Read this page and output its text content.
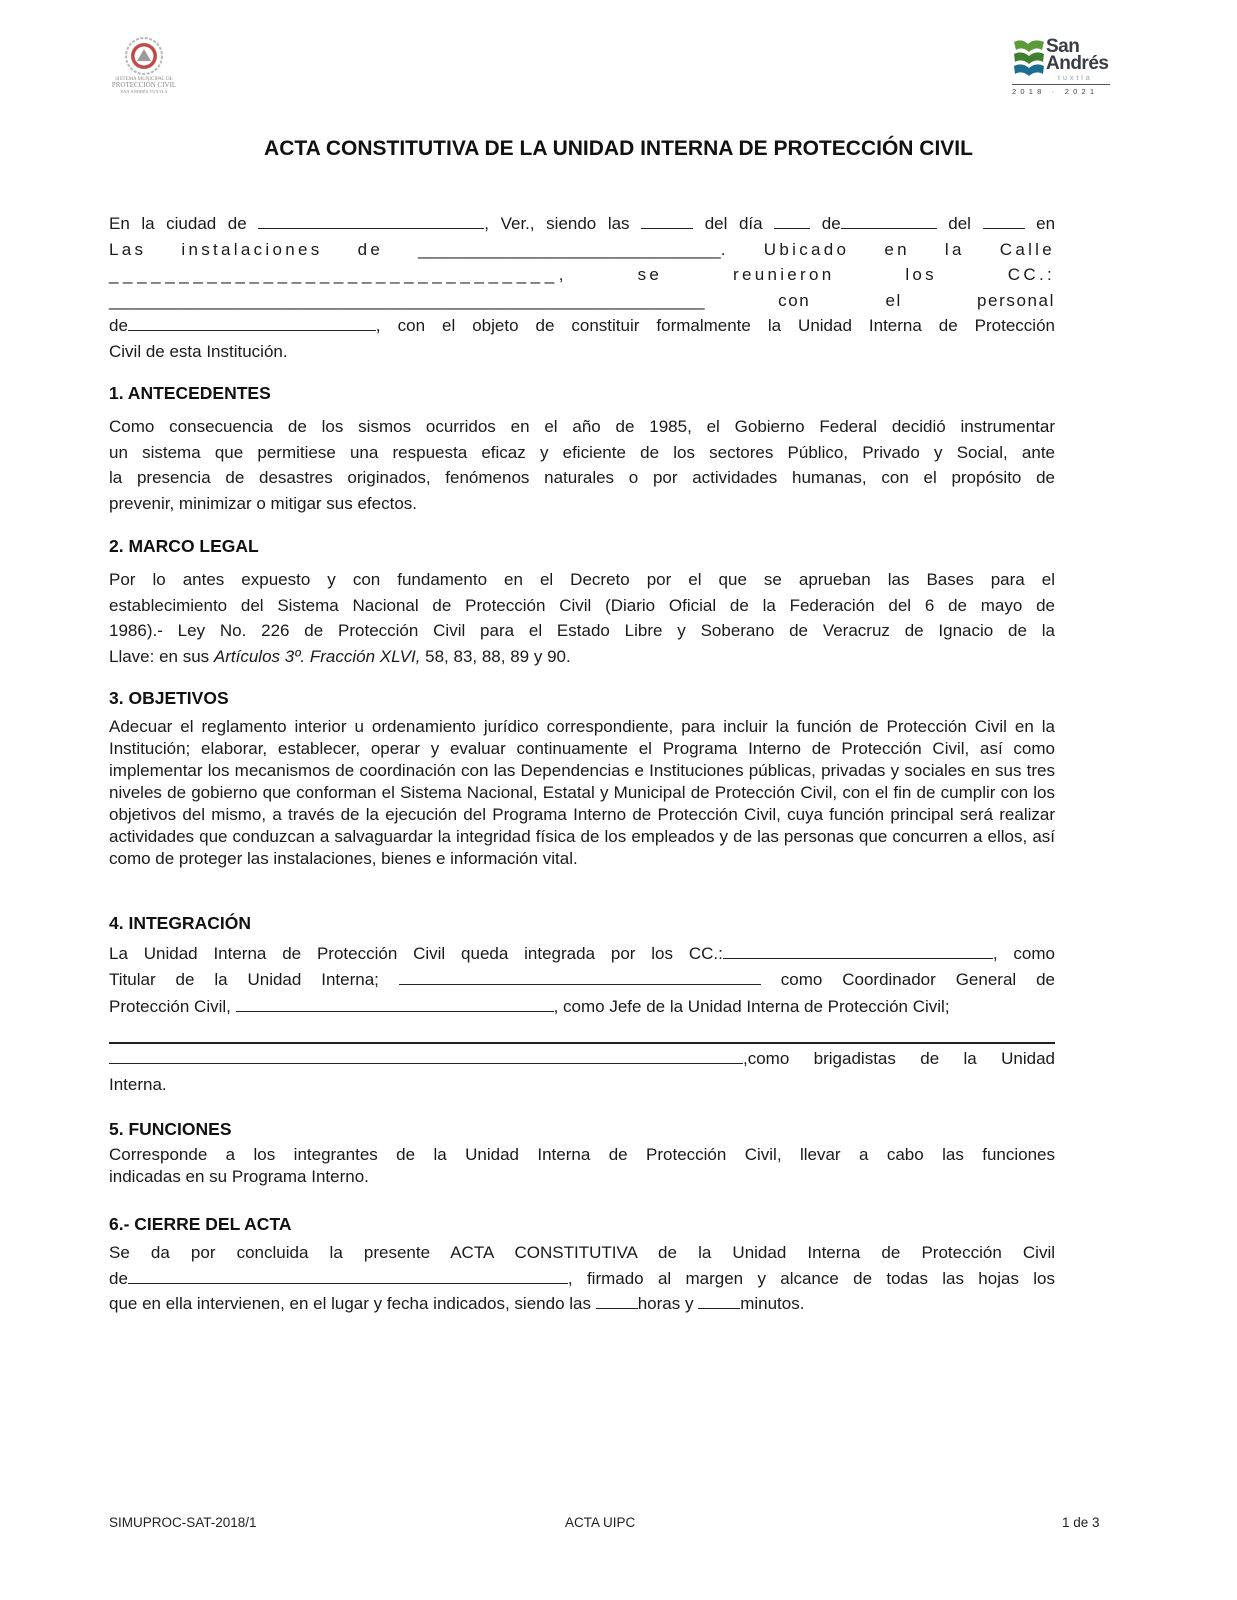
SISTEMA MUNICIPAL DE
PROTECCIÓN CIVIL
SAN ANDRÉS TUXTLA
San
Andrés
tuxtla
2018 · 2021
ACTA CONSTITUTIVA DE LA UNIDAD INTERNA DE PROTECCIÓN CIVIL
En la ciudad de	, Ver., siendo las	del día	de	del	en
Las instalaciones de ________________________________. Ubicado en la Calle
________________________________, se reunieron los CC.:
_______________________________________________________________	con el personal
de	, con el objeto de constituir formalmente la Unidad Interna de Protección
Civil de esta Institución.
1. ANTECEDENTES
Como consecuencia de los sismos ocurridos en el año de 1985, el Gobierno Federal decidió instrumentar
un sistema que permitiese una respuesta eficaz y eficiente de los sectores Público, Privado y Social, ante
la presencia de desastres originados, fenómenos naturales o por actividades humanas, con el propósito de
prevenir, minimizar o mitigar sus efectos.
2. MARCO LEGAL
Por lo antes expuesto y con fundamento en el Decreto por el que se aprueban las Bases para el
establecimiento del Sistema Nacional de Protección Civil (Diario Oficial de la Federación del 6 de mayo de
1986).- Ley No. 226 de Protección Civil para el Estado Libre y Soberano de Veracruz de Ignacio de la
Llave: en sus Artículos 3º. Fracción XLVI, 58, 83, 88, 89 y 90.
3. OBJETIVOS
Adecuar el reglamento interior u ordenamiento jurídico correspondiente, para incluir la función de Protección Civil en la Institución; elaborar, establecer, operar y evaluar continuamente el Programa Interno de Protección Civil, así como implementar los mecanismos de coordinación con las Dependencias e Instituciones públicas, privadas y sociales en sus tres niveles de gobierno que conforman el Sistema Nacional, Estatal y Municipal de Protección Civil, con el fin de cumplir con los objetivos del mismo, a través de la ejecución del Programa Interno de Protección Civil, cuya función principal será realizar actividades que conduzcan a salvaguardar la integridad física de los empleados y de las personas que concurren a ellos, así como de proteger las instalaciones, bienes e información vital.
4. INTEGRACIÓN
La Unidad Interna de Protección Civil queda integrada por los CC.:	, como
Titular de la Unidad Interna;	como Coordinador General de
Protección Civil,	, como Jefe de la Unidad Interna de Protección Civil;
,como brigadistas de la Unidad
Interna.
5. FUNCIONES
Corresponde a los integrantes de la Unidad Interna de Protección Civil, llevar a cabo las funciones
indicadas en su Programa Interno.
6.- CIERRE DEL ACTA
Se da por concluida la presente ACTA CONSTITUTIVA de la Unidad Interna de Protección Civil
de	, firmado al margen y alcance de todas las hojas los
que en ella intervienen, en el lugar y fecha indicados, siendo las horas y minutos.
SIMUPROC-SAT-2018/1	ACTA UIPC	1 de 3
